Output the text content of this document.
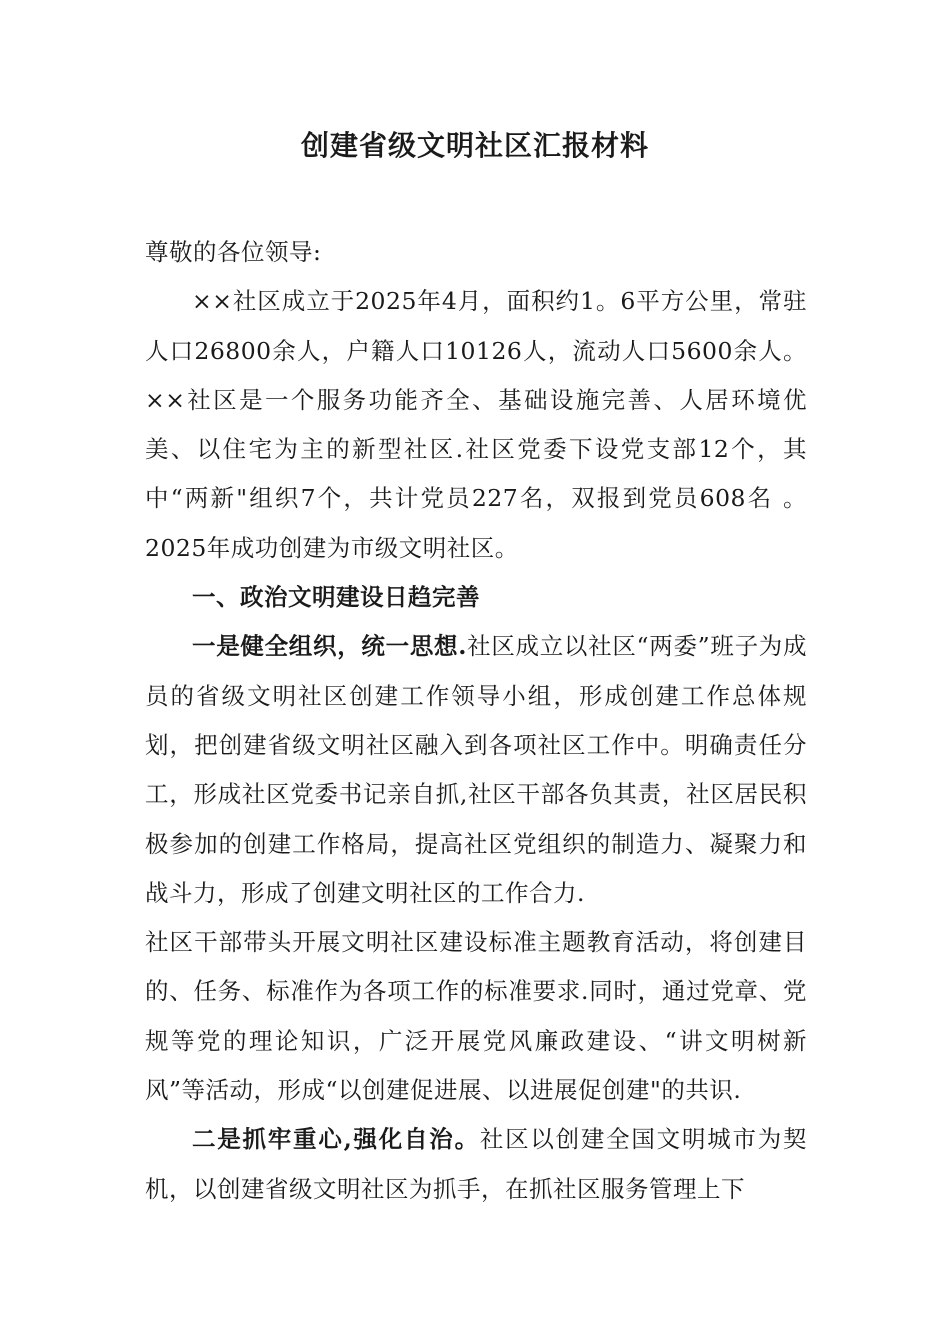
创建省级文明社区汇报材料

尊敬的各位领导:

××社区成立于2025年4月，面积约1。6平方公里，常驻人口26800余人，户籍人口10126人，流动人口5600余人。××社区是一个服务功能齐全、基础设施完善、人居环境优美、以住宅为主的新型社区.社区党委下设党支部12个，其中“两新"组织7个，共计党员227名，双报到党员608名 。2025年成功创建为市级文明社区。

一、政治文明建设日趋完善

一是健全组织，统一思想.社区成立以社区“两委”班子为成员的省级文明社区创建工作领导小组，形成创建工作总体规划，把创建省级文明社区融入到各项社区工作中。明确责任分工，形成社区党委书记亲自抓,社区干部各负其责，社区居民积极参加的创建工作格局，提高社区党组织的制造力、凝聚力和战斗力，形成了创建文明社区的工作合力.

社区干部带头开展文明社区建设标准主题教育活动，将创建目的、任务、标准作为各项工作的标准要求.同时，通过党章、党规等党的理论知识，广泛开展党风廉政建设、“讲文明树新风”等活动，形成“以创建促进展、以进展促创建"的共识.

二是抓牢重心,强化自治。社区以创建全国文明城市为契机，以创建省级文明社区为抓手，在抓社区服务管理上下
